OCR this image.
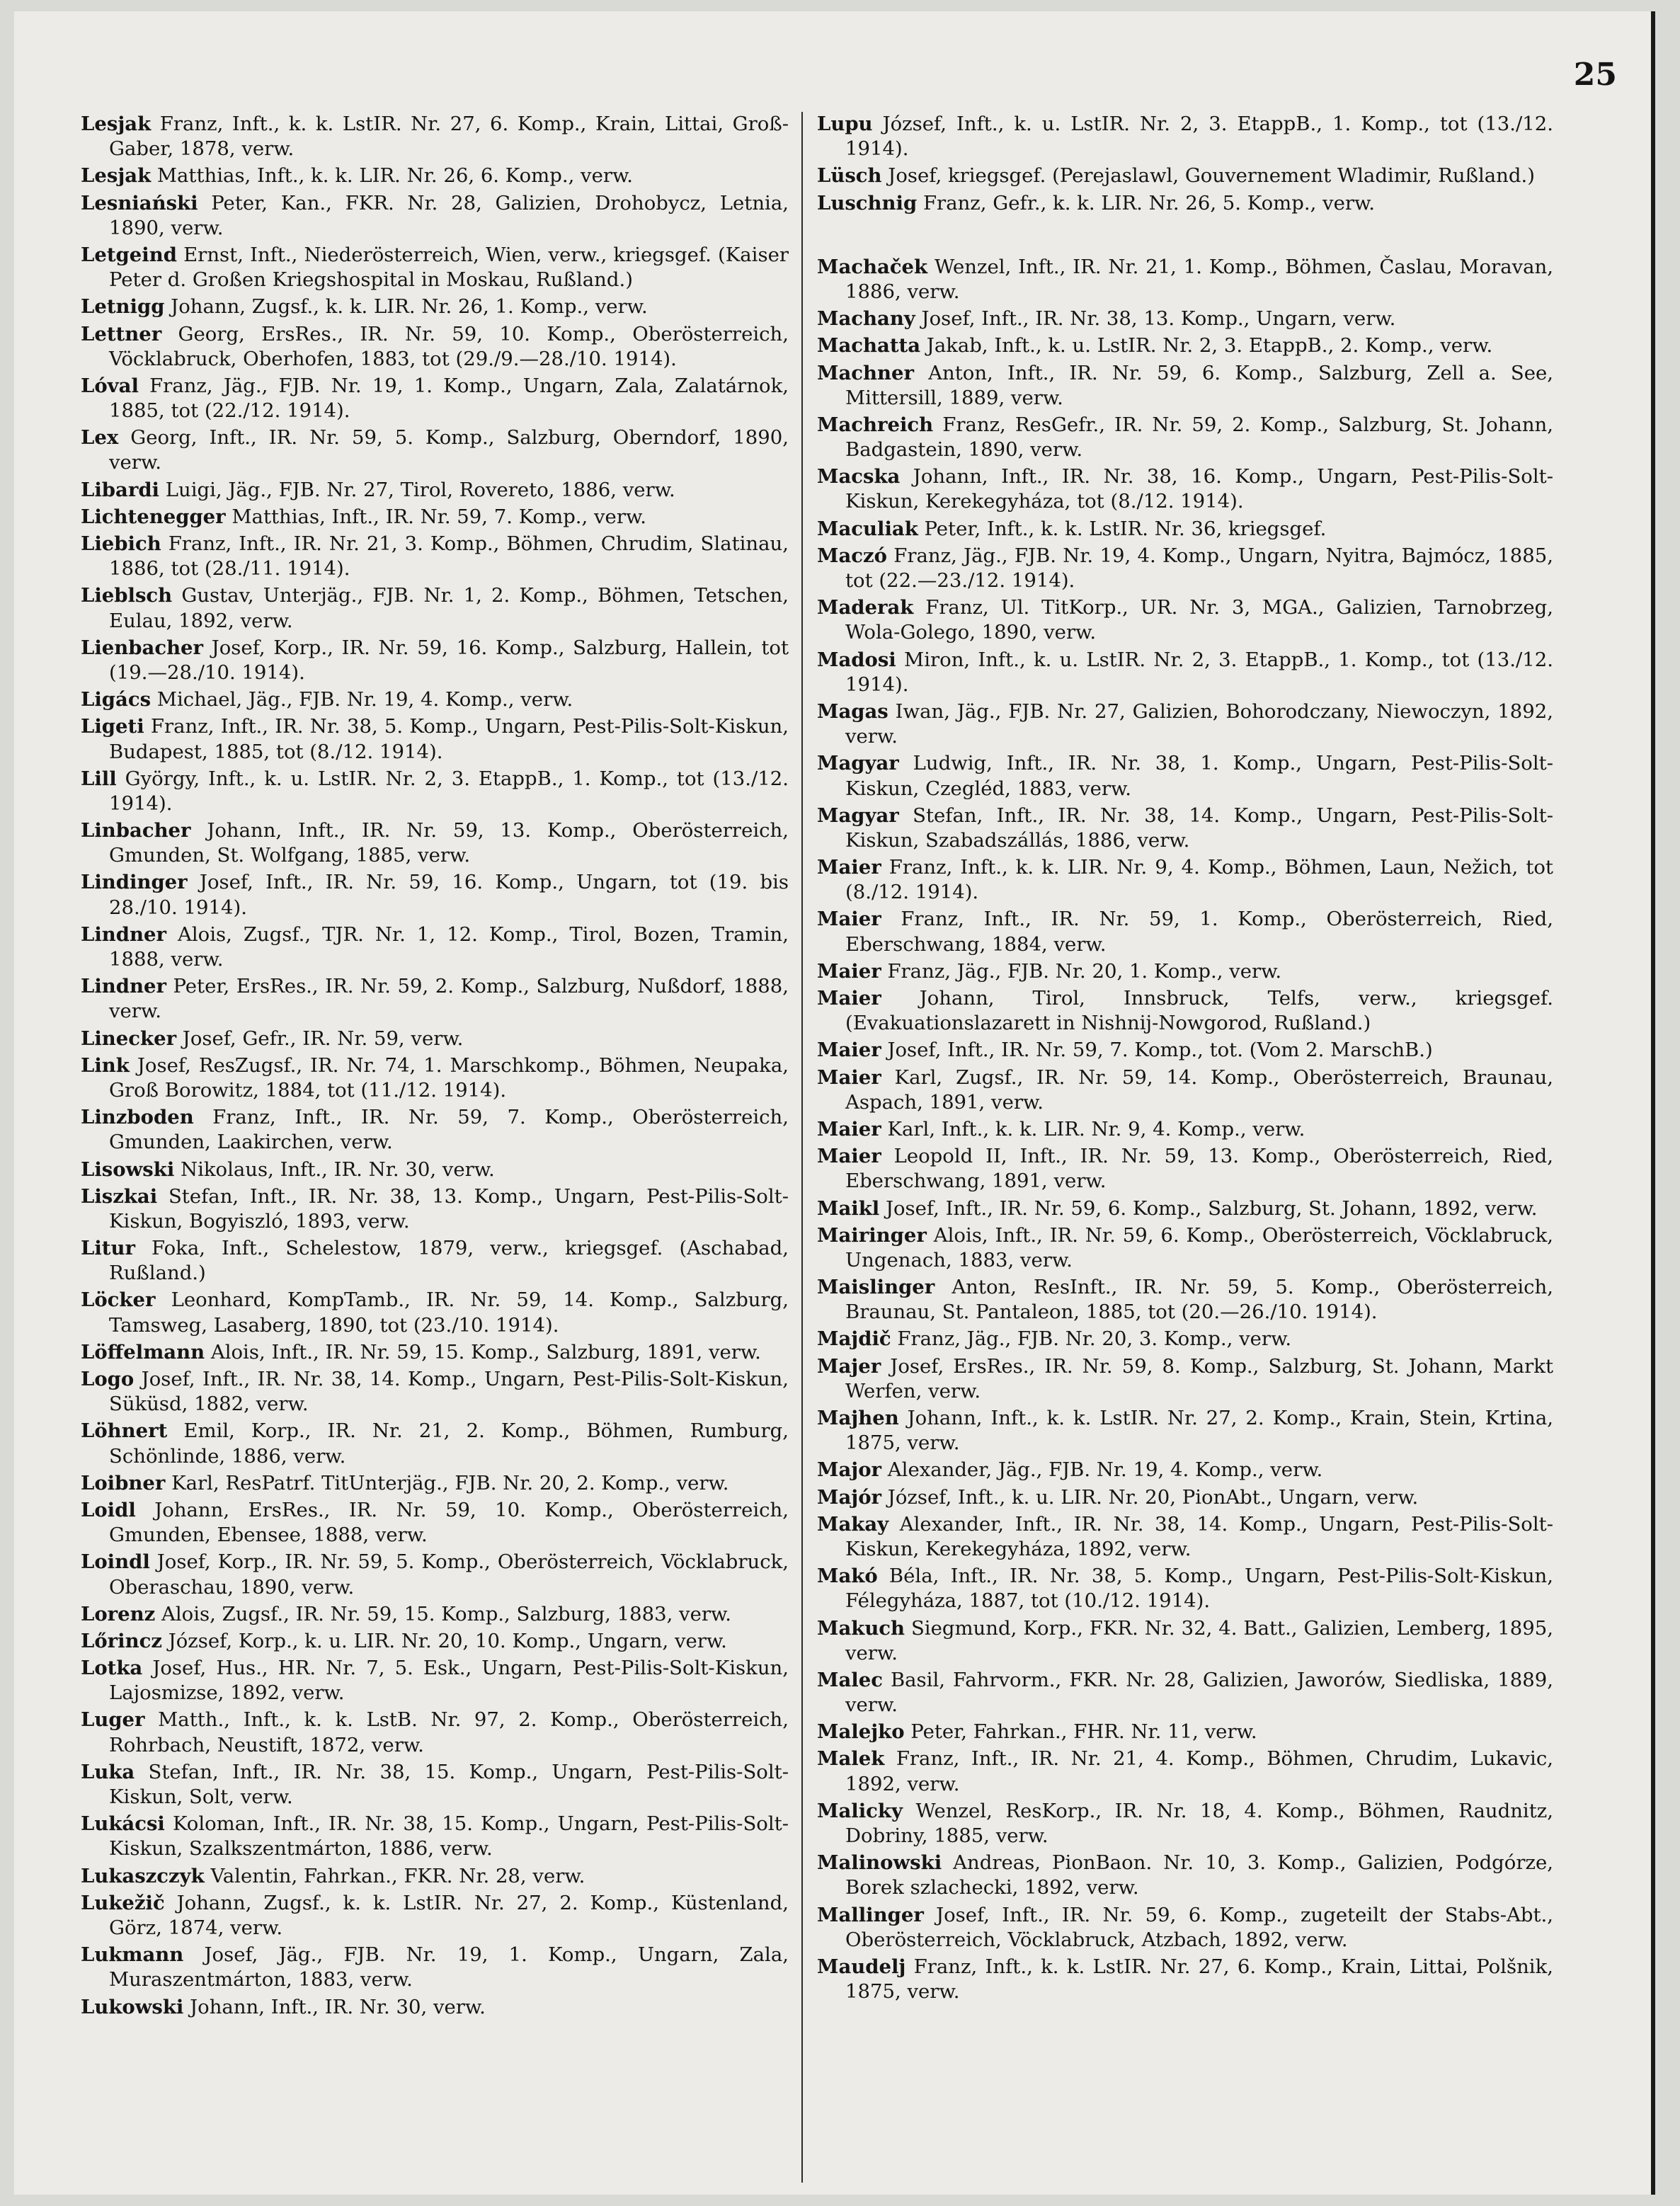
25

Lesjak Franz, Inft., k. k. LstIR. Nr. 27, 6. Komp., Krain, Littai, Groß-Gaber, 1878, verw.

Lesjak Matthias, Inft., k. k. LIR. Nr. 26, 6. Komp., verw.

Lesniański Peter, Kan., FKR. Nr. 28, Galizien, Drohobycz, Letnia, 1890, verw.

Letgeind Ernst, Inft., Niederösterreich, Wien, verw., kriegsgef. (Kaiser Peter d. Großen Kriegshospital in Moskau, Rußland.)

Letnigg Johann, Zugsf., k. k. LIR. Nr. 26, 1. Komp., verw.

Lettner Georg, ErsRes., IR. Nr. 59, 10. Komp., Oberösterreich, Vöcklabruck, Oberhofen, 1883, tot (29./9.—28./10. 1914).

Lóval Franz, Jäg., FJB. Nr. 19, 1. Komp., Ungarn, Zala, Zalatárnok, 1885, tot (22./12. 1914).

Lex Georg, Inft., IR. Nr. 59, 5. Komp., Salzburg, Oberndorf, 1890, verw.

Libardi Luigi, Jäg., FJB. Nr. 27, Tirol, Rovereto, 1886, verw.

Lichtenegger Matthias, Inft., IR. Nr. 59, 7. Komp., verw.

Liebich Franz, Inft., IR. Nr. 21, 3. Komp., Böhmen, Chrudim, Slatinau, 1886, tot (28./11. 1914).

Lieblsch Gustav, Unterjäg., FJB. Nr. 1, 2. Komp., Böhmen, Tetschen, Eulau, 1892, verw.

Lienbacher Josef, Korp., IR. Nr. 59, 16. Komp., Salzburg, Hallein, tot (19.—28./10. 1914).

Ligács Michael, Jäg., FJB. Nr. 19, 4. Komp., verw.

Ligeti Franz, Inft., IR. Nr. 38, 5. Komp., Ungarn, Pest-Pilis-Solt-Kiskun, Budapest, 1885, tot (8./12. 1914).

Lill György, Inft., k. u. LstIR. Nr. 2, 3. EtappB., 1. Komp., tot (13./12. 1914).

Linbacher Johann, Inft., IR. Nr. 59, 13. Komp., Oberösterreich, Gmunden, St. Wolfgang, 1885, verw.

Lindinger Josef, Inft., IR. Nr. 59, 16. Komp., Ungarn, tot (19. bis 28./10. 1914).

Lindner Alois, Zugsf., TJR. Nr. 1, 12. Komp., Tirol, Bozen, Tramin, 1888, verw.

Lindner Peter, ErsRes., IR. Nr. 59, 2. Komp., Salzburg, Nußdorf, 1888, verw.

Linecker Josef, Gefr., IR. Nr. 59, verw.

Link Josef, ResZugsf., IR. Nr. 74, 1. Marschkomp., Böhmen, Neupaka, Groß Borowitz, 1884, tot (11./12. 1914).

Linzboden Franz, Inft., IR. Nr. 59, 7. Komp., Oberösterreich, Gmunden, Laakirchen, verw.

Lisowski Nikolaus, Inft., IR. Nr. 30, verw.

Liszkai Stefan, Inft., IR. Nr. 38, 13. Komp., Ungarn, Pest-Pilis-Solt-Kiskun, Bogyiszló, 1893, verw.

Litur Foka, Inft., Schelestow, 1879, verw., kriegsgef. (Aschabad, Rußland.)

Löcker Leonhard, KompTamb., IR. Nr. 59, 14. Komp., Salzburg, Tamsweg, Lasaberg, 1890, tot (23./10. 1914).

Löffelmann Alois, Inft., IR. Nr. 59, 15. Komp., Salzburg, 1891, verw.

Logo Josef, Inft., IR. Nr. 38, 14. Komp., Ungarn, Pest-Pilis-Solt-Kiskun, Süküsd, 1882, verw.

Löhnert Emil, Korp., IR. Nr. 21, 2. Komp., Böhmen, Rumburg, Schönlinde, 1886, verw.

Loibner Karl, ResPatrf. TitUnterjäg., FJB. Nr. 20, 2. Komp., verw.

Loidl Johann, ErsRes., IR. Nr. 59, 10. Komp., Oberösterreich, Gmunden, Ebensee, 1888, verw.

Loindl Josef, Korp., IR. Nr. 59, 5. Komp., Oberösterreich, Vöcklabruck, Oberaschau, 1890, verw.

Lorenz Alois, Zugsf., IR. Nr. 59, 15. Komp., Salzburg, 1883, verw.

Lőrincz József, Korp., k. u. LIR. Nr. 20, 10. Komp., Ungarn, verw.

Lotka Josef, Hus., HR. Nr. 7, 5. Esk., Ungarn, Pest-Pilis-Solt-Kiskun, Lajosmizse, 1892, verw.

Luger Matth., Inft., k. k. LstB. Nr. 97, 2. Komp., Oberösterreich, Rohrbach, Neustift, 1872, verw.

Luka Stefan, Inft., IR. Nr. 38, 15. Komp., Ungarn, Pest-Pilis-Solt-Kiskun, Solt, verw.

Lukácsi Koloman, Inft., IR. Nr. 38, 15. Komp., Ungarn, Pest-Pilis-Solt-Kiskun, Szalkszentmárton, 1886, verw.

Lukaszczyk Valentin, Fahrkan., FKR. Nr. 28, verw.

Lukežič Johann, Zugsf., k. k. LstIR. Nr. 27, 2. Komp., Küstenland, Görz, 1874, verw.

Lukmann Josef, Jäg., FJB. Nr. 19, 1. Komp., Ungarn, Zala, Muraszentmárton, 1883, verw.

Lukowski Johann, Inft., IR. Nr. 30, verw.

Lupu József, Inft., k. u. LstIR. Nr. 2, 3. EtappB., 1. Komp., tot (13./12. 1914).

Lüsch Josef, kriegsgef. (Perejaslawl, Gouvernement Wladimir, Rußland.)

Luschnig Franz, Gefr., k. k. LIR. Nr. 26, 5. Komp., verw.

Machaček Wenzel, Inft., IR. Nr. 21, 1. Komp., Böhmen, Časlau, Moravan, 1886, verw.

Machany Josef, Inft., IR. Nr. 38, 13. Komp., Ungarn, verw.

Machatta Jakab, Inft., k. u. LstIR. Nr. 2, 3. EtappB., 2. Komp., verw.

Machner Anton, Inft., IR. Nr. 59, 6. Komp., Salzburg, Zell a. See, Mittersill, 1889, verw.

Machreich Franz, ResGefr., IR. Nr. 59, 2. Komp., Salzburg, St. Johann, Badgastein, 1890, verw.

Macska Johann, Inft., IR. Nr. 38, 16. Komp., Ungarn, Pest-Pilis-Solt-Kiskun, Kerekegyháza, tot (8./12. 1914).

Maculiak Peter, Inft., k. k. LstIR. Nr. 36, kriegsgef.

Maczó Franz, Jäg., FJB. Nr. 19, 4. Komp., Ungarn, Nyitra, Bajmócz, 1885, tot (22.—23./12. 1914).

Maderak Franz, Ul. TitKorp., UR. Nr. 3, MGA., Galizien, Tarnobrzeg, Wola-Golego, 1890, verw.

Madosi Miron, Inft., k. u. LstIR. Nr. 2, 3. EtappB., 1. Komp., tot (13./12. 1914).

Magas Iwan, Jäg., FJB. Nr. 27, Galizien, Bohorodczany, Niewoczyn, 1892, verw.

Magyar Ludwig, Inft., IR. Nr. 38, 1. Komp., Ungarn, Pest-Pilis-Solt-Kiskun, Czegléd, 1883, verw.

Magyar Stefan, Inft., IR. Nr. 38, 14. Komp., Ungarn, Pest-Pilis-Solt-Kiskun, Szabadszállás, 1886, verw.

Maier Franz, Inft., k. k. LIR. Nr. 9, 4. Komp., Böhmen, Laun, Nežich, tot (8./12. 1914).

Maier Franz, Inft., IR. Nr. 59, 1. Komp., Oberösterreich, Ried, Eberschwang, 1884, verw.

Maier Franz, Jäg., FJB. Nr. 20, 1. Komp., verw.

Maier Johann, Tirol, Innsbruck, Telfs, verw., kriegsgef. (Evakuationslazarett in Nishnij-Nowgorod, Rußland.)

Maier Josef, Inft., IR. Nr. 59, 7. Komp., tot. (Vom 2. MarschB.)

Maier Karl, Zugsf., IR. Nr. 59, 14. Komp., Oberösterreich, Braunau, Aspach, 1891, verw.

Maier Karl, Inft., k. k. LIR. Nr. 9, 4. Komp., verw.

Maier Leopold II, Inft., IR. Nr. 59, 13. Komp., Oberösterreich, Ried, Eberschwang, 1891, verw.

Maikl Josef, Inft., IR. Nr. 59, 6. Komp., Salzburg, St. Johann, 1892, verw.

Mairinger Alois, Inft., IR. Nr. 59, 6. Komp., Oberösterreich, Vöcklabruck, Ungenach, 1883, verw.

Maislinger Anton, ResInft., IR. Nr. 59, 5. Komp., Oberösterreich, Braunau, St. Pantaleon, 1885, tot (20.—26./10. 1914).

Majdič Franz, Jäg., FJB. Nr. 20, 3. Komp., verw.

Majer Josef, ErsRes., IR. Nr. 59, 8. Komp., Salzburg, St. Johann, Markt Werfen, verw.

Majhen Johann, Inft., k. k. LstIR. Nr. 27, 2. Komp., Krain, Stein, Krtina, 1875, verw.

Major Alexander, Jäg., FJB. Nr. 19, 4. Komp., verw.

Majór József, Inft., k. u. LIR. Nr. 20, PionAbt., Ungarn, verw.

Makay Alexander, Inft., IR. Nr. 38, 14. Komp., Ungarn, Pest-Pilis-Solt-Kiskun, Kerekegyháza, 1892, verw.

Makó Béla, Inft., IR. Nr. 38, 5. Komp., Ungarn, Pest-Pilis-Solt-Kiskun, Félegyháza, 1887, tot (10./12. 1914).

Makuch Siegmund, Korp., FKR. Nr. 32, 4. Batt., Galizien, Lemberg, 1895, verw.

Malec Basil, Fahrvorm., FKR. Nr. 28, Galizien, Jaworów, Siedliska, 1889, verw.

Malejko Peter, Fahrkan., FHR. Nr. 11, verw.

Malek Franz, Inft., IR. Nr. 21, 4. Komp., Böhmen, Chrudim, Lukavic, 1892, verw.

Malicky Wenzel, ResKorp., IR. Nr. 18, 4. Komp., Böhmen, Raudnitz, Dobriny, 1885, verw.

Malinowski Andreas, PionBaon. Nr. 10, 3. Komp., Galizien, Podgórze, Borek szlachecki, 1892, verw.

Mallinger Josef, Inft., IR. Nr. 59, 6. Komp., zugeteilt der Stabs-Abt., Oberösterreich, Vöcklabruck, Atzbach, 1892, verw.

Maudelj Franz, Inft., k. k. LstIR. Nr. 27, 6. Komp., Krain, Littai, Polšnik, 1875, verw.
